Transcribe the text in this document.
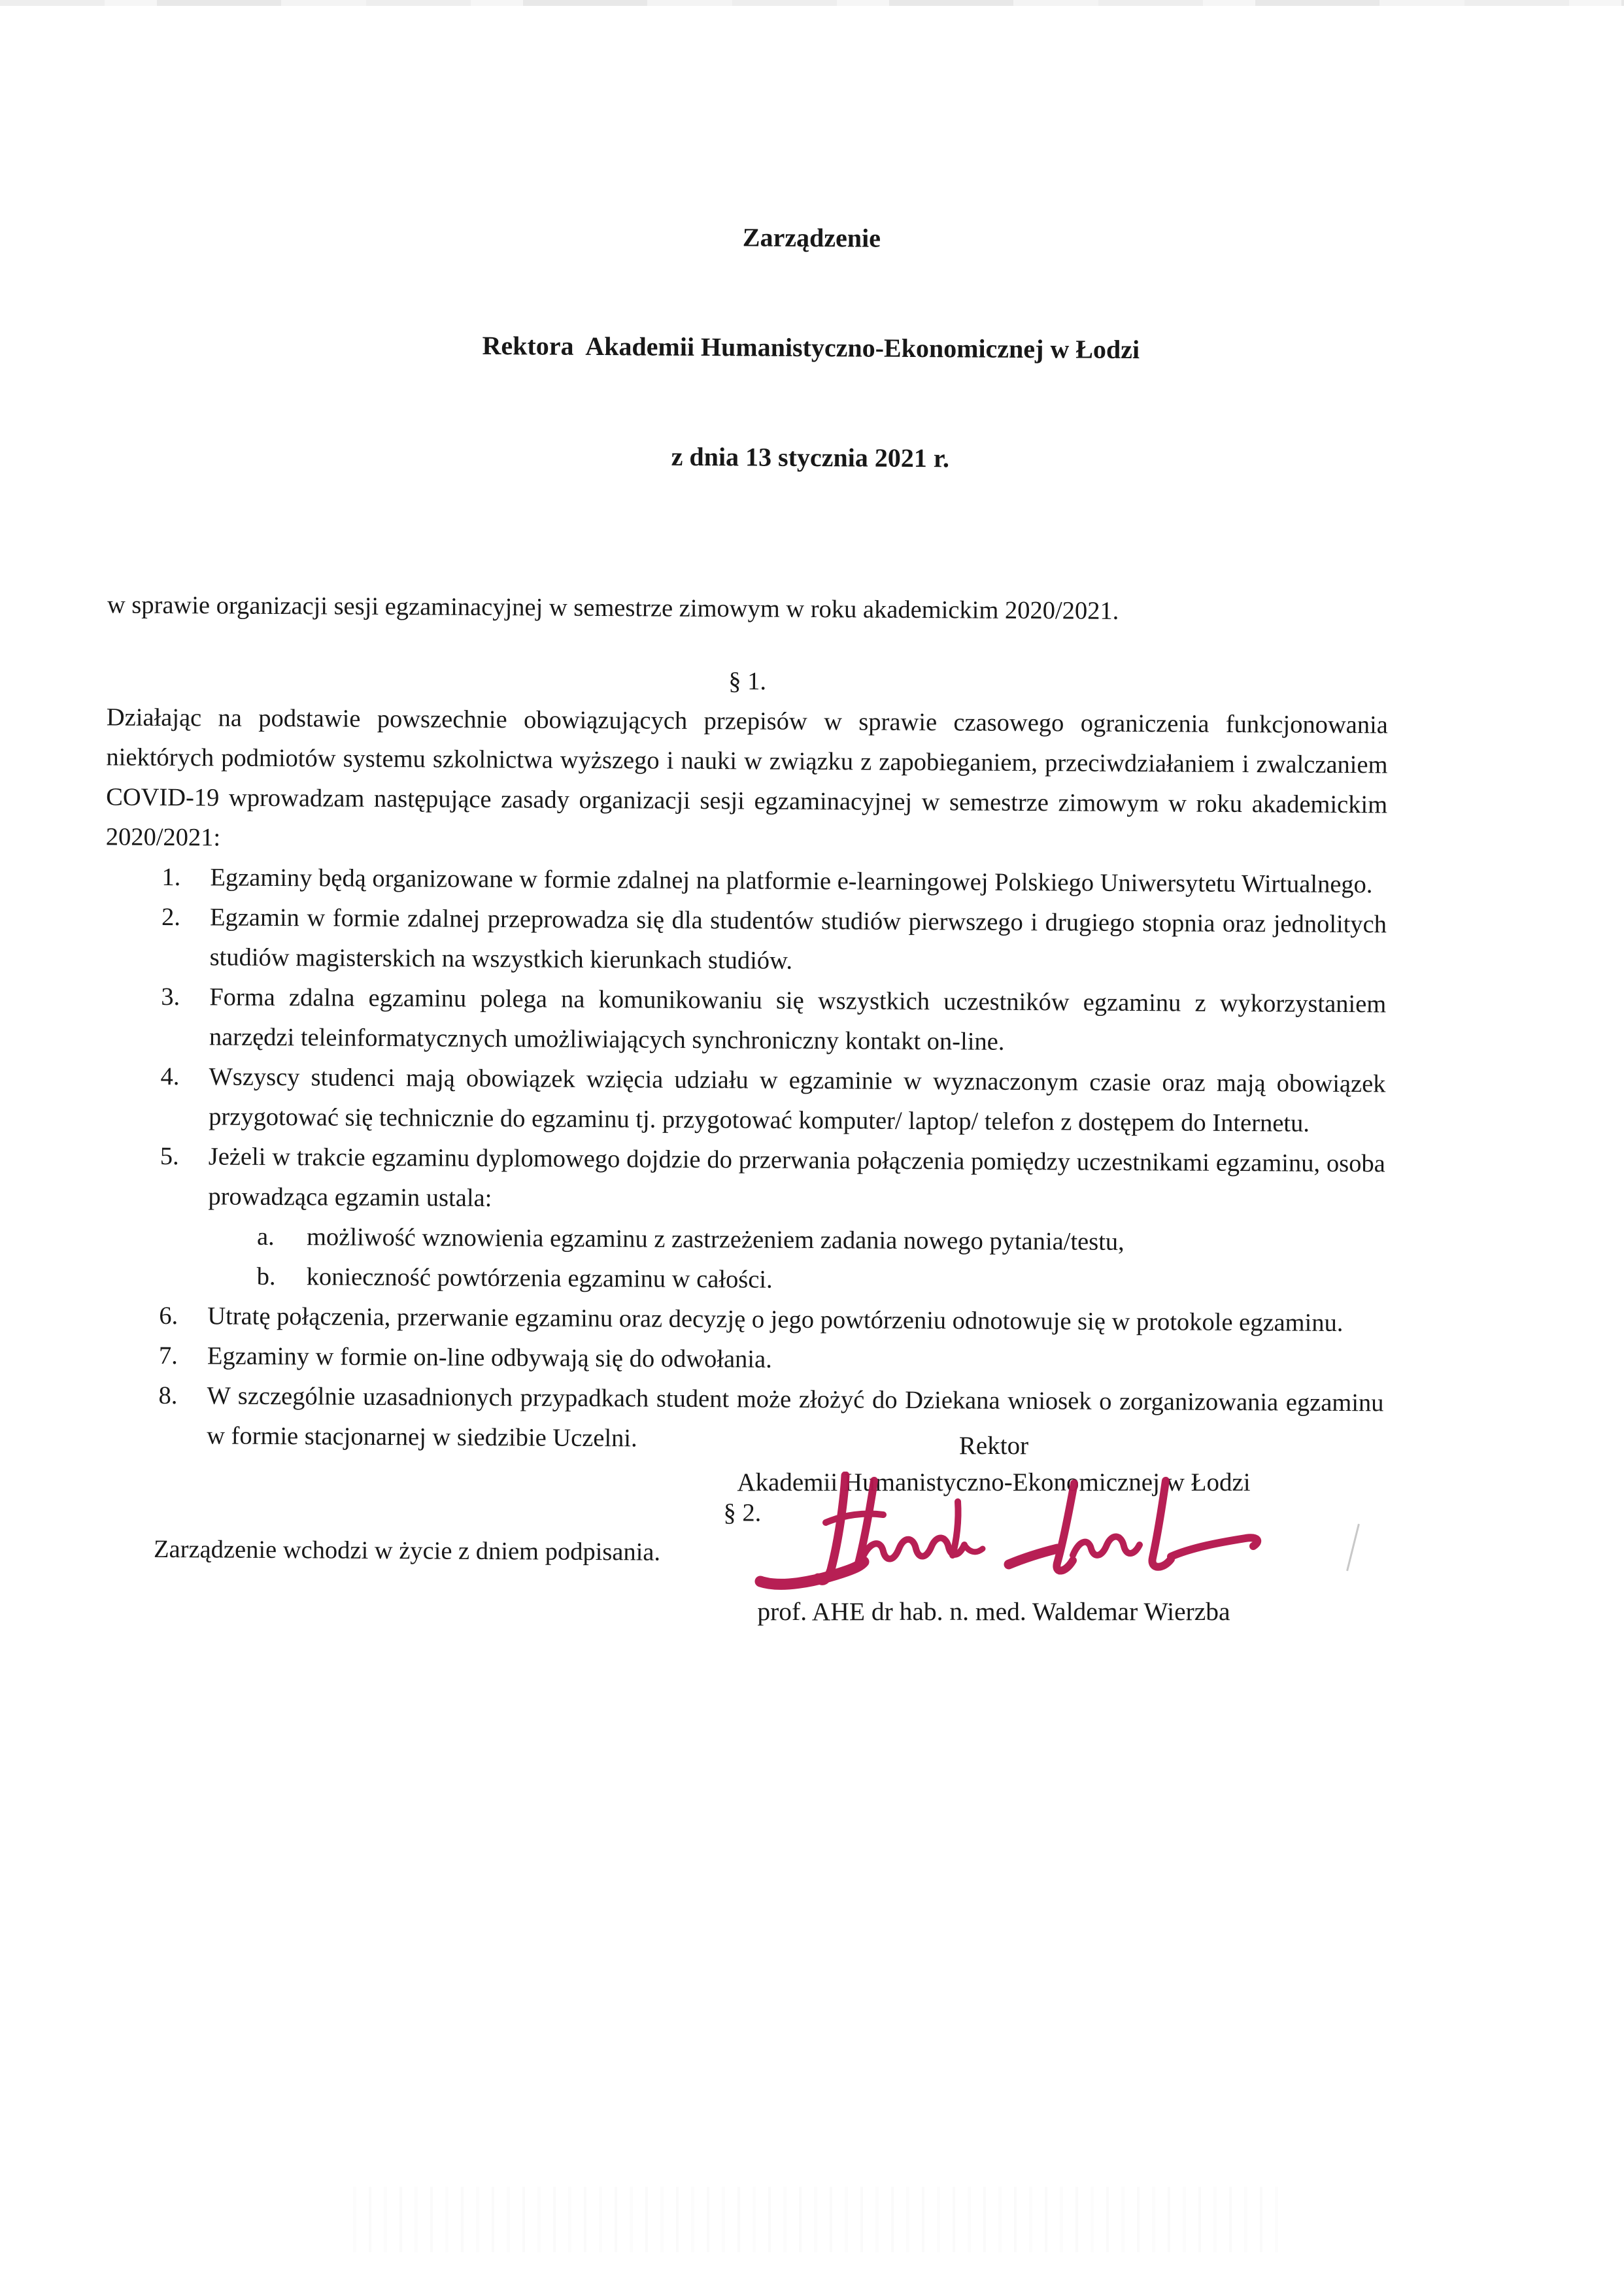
Zarządzenie

Rektora  Akademii Humanistyczno-Ekonomicznej w Łodzi

z dnia 13 stycznia 2021 r.

w sprawie organizacji sesji egzaminacyjnej w semestrze zimowym w roku akademickim 2020/2021.
§ 1.
Działając na podstawie powszechnie obowiązujących przepisów w sprawie czasowego ograniczenia funkcjonowania niektórych podmiotów systemu szkolnictwa wyższego i nauki w związku z zapobieganiem, przeciwdziałaniem i zwalczaniem COVID-19 wprowadzam następujące zasady organizacji sesji egzaminacyjnej w semestrze zimowym w roku akademickim 2020/2021:
1.	Egzaminy będą organizowane w formie zdalnej na platformie e-learningowej Polskiego Uniwersytetu Wirtualnego.
2.	Egzamin w formie zdalnej przeprowadza się dla studentów studiów pierwszego i drugiego stopnia oraz jednolitych studiów magisterskich na wszystkich kierunkach studiów.
3.	Forma zdalna egzaminu polega na komunikowaniu się wszystkich uczestników egzaminu z wykorzystaniem narzędzi teleinformatycznych umożliwiających synchroniczny kontakt on-line.
4.	Wszyscy studenci mają obowiązek wzięcia udziału w egzaminie w wyznaczonym czasie oraz mają obowiązek przygotować się technicznie do egzaminu tj. przygotować komputer/ laptop/ telefon z dostępem do Internetu.
5.	Jeżeli w trakcie egzaminu dyplomowego dojdzie do przerwania połączenia pomiędzy uczestnikami egzaminu, osoba prowadząca egzamin ustala:
a.	możliwość wznowienia egzaminu z zastrzeżeniem zadania nowego pytania/testu,
b.	konieczność powtórzenia egzaminu w całości.
6.	Utratę połączenia, przerwanie egzaminu oraz decyzję o jego powtórzeniu odnotowuje się w protokole egzaminu.
7.	Egzaminy w formie on-line odbywają się do odwołania.
8.	W szczególnie uzasadnionych przypadkach student może złożyć do Dziekana wniosek o zorganizowania egzaminu w formie stacjonarnej w siedzibie Uczelni.
§ 2.
Zarządzenie wchodzi w życie z dniem podpisania.
Rektor
Akademii Humanistyczno-Ekonomicznej w Łodzi
prof. AHE dr hab. n. med. Waldemar Wierzba
